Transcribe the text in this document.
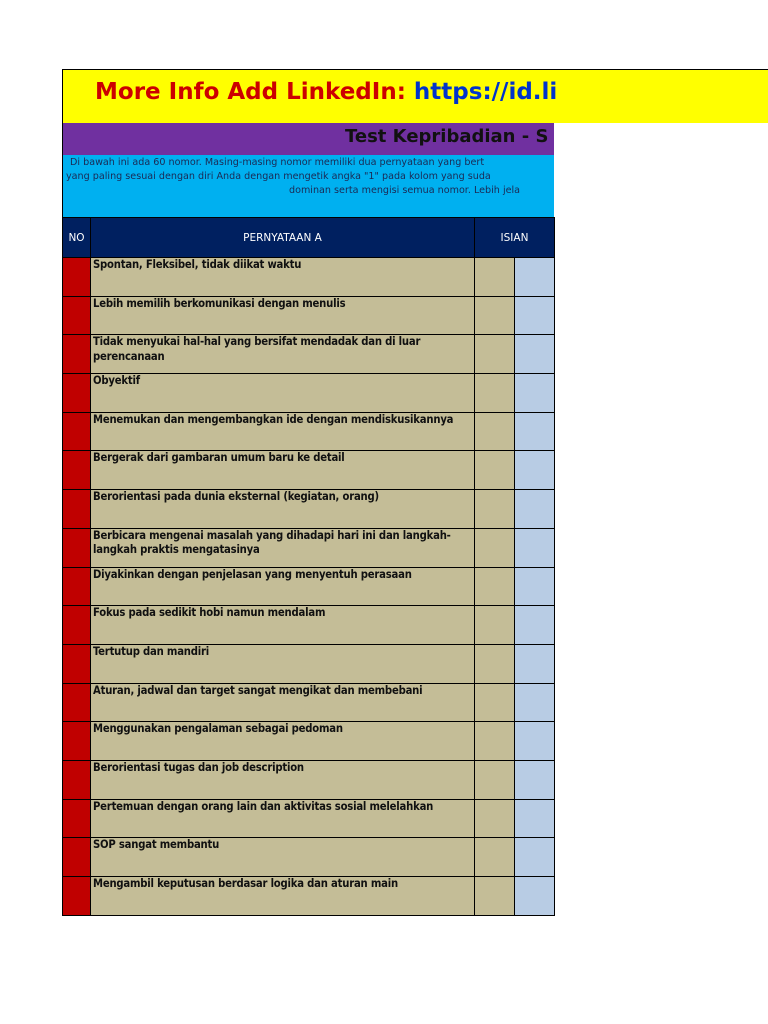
More Info Add LinkedIn: https://id.li
Test Kepribadian - S
Di bawah ini ada 60 nomor. Masing-masing nomor memiliki dua pernyataan yang bert
yang paling sesuai dengan diri Anda dengan mengetik angka "1" pada kolom yang suda
dominan serta mengisi semua nomor. Lebih jela
NO	PERNYATAAN A	ISIAN	
1	Spontan, Fleksibel, tidak diikat waktu		
2	Lebih memilih berkomunikasi dengan menulis		
3	Tidak menyukai hal-hal yang bersifat mendadak dan di luar perencanaan		
4	Obyektif		
5	Menemukan dan mengembangkan ide dengan mendiskusikannya		
6	Bergerak dari gambaran umum baru ke detail		
7	Berorientasi pada dunia eksternal (kegiatan, orang)		
8	Berbicara mengenai masalah yang dihadapi hari ini dan langkah-langkah praktis mengatasinya		
9	Diyakinkan dengan penjelasan yang menyentuh perasaan		
10	Fokus pada sedikit hobi namun mendalam		
11	Tertutup dan mandiri		
12	Aturan, jadwal dan target sangat mengikat dan membebani		
13	Menggunakan pengalaman sebagai pedoman		
14	Berorientasi tugas dan job description		
15	Pertemuan dengan orang lain dan aktivitas sosial melelahkan		
16	SOP sangat membantu		
17	Mengambil keputusan berdasar logika dan aturan main		
